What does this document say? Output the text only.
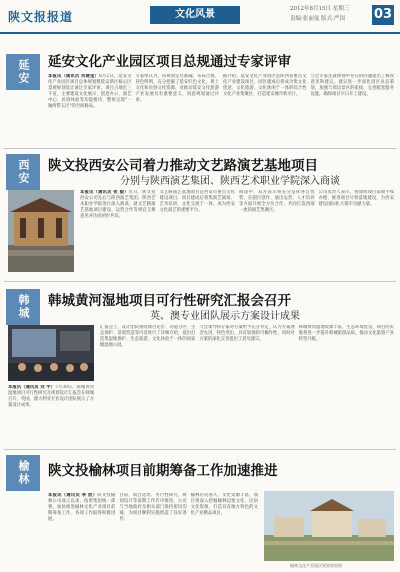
陕文报报道	文化风景	2012年8月15日 星期三
责编:张丽曼 版式:严国	03
延安	延安文化产业园区项目总规通过专家评审
本报讯（通讯员 肖建莹）8月2日，延安文化产业园区项目总体规划暨延安新区核心区景观规划设计通过专家评审。项目占地近三千亩，主要建设文化展示、创意办公、演艺中心、民俗体验等功能板块，整体呈现"一轴两带五区"的空间格局。
专家组认为，该规划定位准确、布局合理、特色鲜明，充分挖掘了延安红色文化、黄土文化和民俗文化资源，对推动延安文化旅游产业发展具有重要意义，同意规划通过评审。
据介绍，延安文化产业园区是陕西省重点文化产业建设项目，园区建成后将成为集文化创意、文化旅游、文化休闲于一体的综合性文化产业集聚区，打造延安城市新名片。
与会专家还就规划中存在的问题提出了修改意见和建议，建议进一步深化园区业态策划，加强与周边景区的衔接，完善配套服务设施，确保项目早日开工建设。
西安	陕文投西安公司着力推动文艺路演艺基地项目
分别与陕西演艺集团、陕西艺术职业学院深入商谈
本报讯（通讯员 张 毅）近日，陕文投西安公司先后与陕西演艺集团、陕西艺术职业学院进行深入商谈，就文艺路演艺基地项目建设、运营合作等事宜交换意见并达成初步共识。
文艺路演艺基地项目是西安市重点文化建设项目，项目建成后将集演艺剧场、艺术培训、文化交流于一体，成为西安文化演艺的重要平台。
商谈中，双方表示将充分发挥各自优势，在剧目创作、演出运营、人才培养等方面开展全方位合作，共同打造西部一流的演艺集聚区。
公司负责人表示，将加快项目前期手续办理，推进项目尽快落地建设，为西安建设国际化大都市贡献力量。
韩城	韩城黄河湿地项目可行性研究汇报会召开
英、澳专业团队展示方案设计成果
汇报会上，设计团队围绕项目定位、功能分区、生态保护、景观营造等内容进行了详细介绍，提出打造集湿地保护、生态旅游、文化体验于一体的国家级湿地公园。
与会领导和专家对方案给予充分肯定，认为方案理念先进、特色突出，具有较强的可操作性，同时对方案的深化完善提出了意见建议。
韩城黄河湿地资源丰富，生态环境优良，项目的实施将进一步提升韩城旅游品质，推动文化旅游产业转型升级。
本报讯（通讯员 刘 宇）7月30日，韩城黄河湿地项目可行性研究及规划设计汇报会在韩城召开，英国、澳大利亚专业设计团队展示了方案设计成果。
榆林	陕文投榆林项目前期筹备工作加速推进
本报讯（通讯员 李 波）陕文投榆林公司成立以来，按照集团统一部署，加快推进榆林文化产业项目前期筹备工作，各项工作取得积极进展。
目前，项目选址、可行性研究、规划设计等前期工作有序推进，公司与当地政府及相关部门保持密切沟通，为项目顺利实施创造了良好条件。
榆林历史悠久，文化资源丰富，项目将深入挖掘榆林边塞文化、民俗文化资源，打造具有地方特色的文化产业精品项目。
榆林文化产业园区规划效果图
